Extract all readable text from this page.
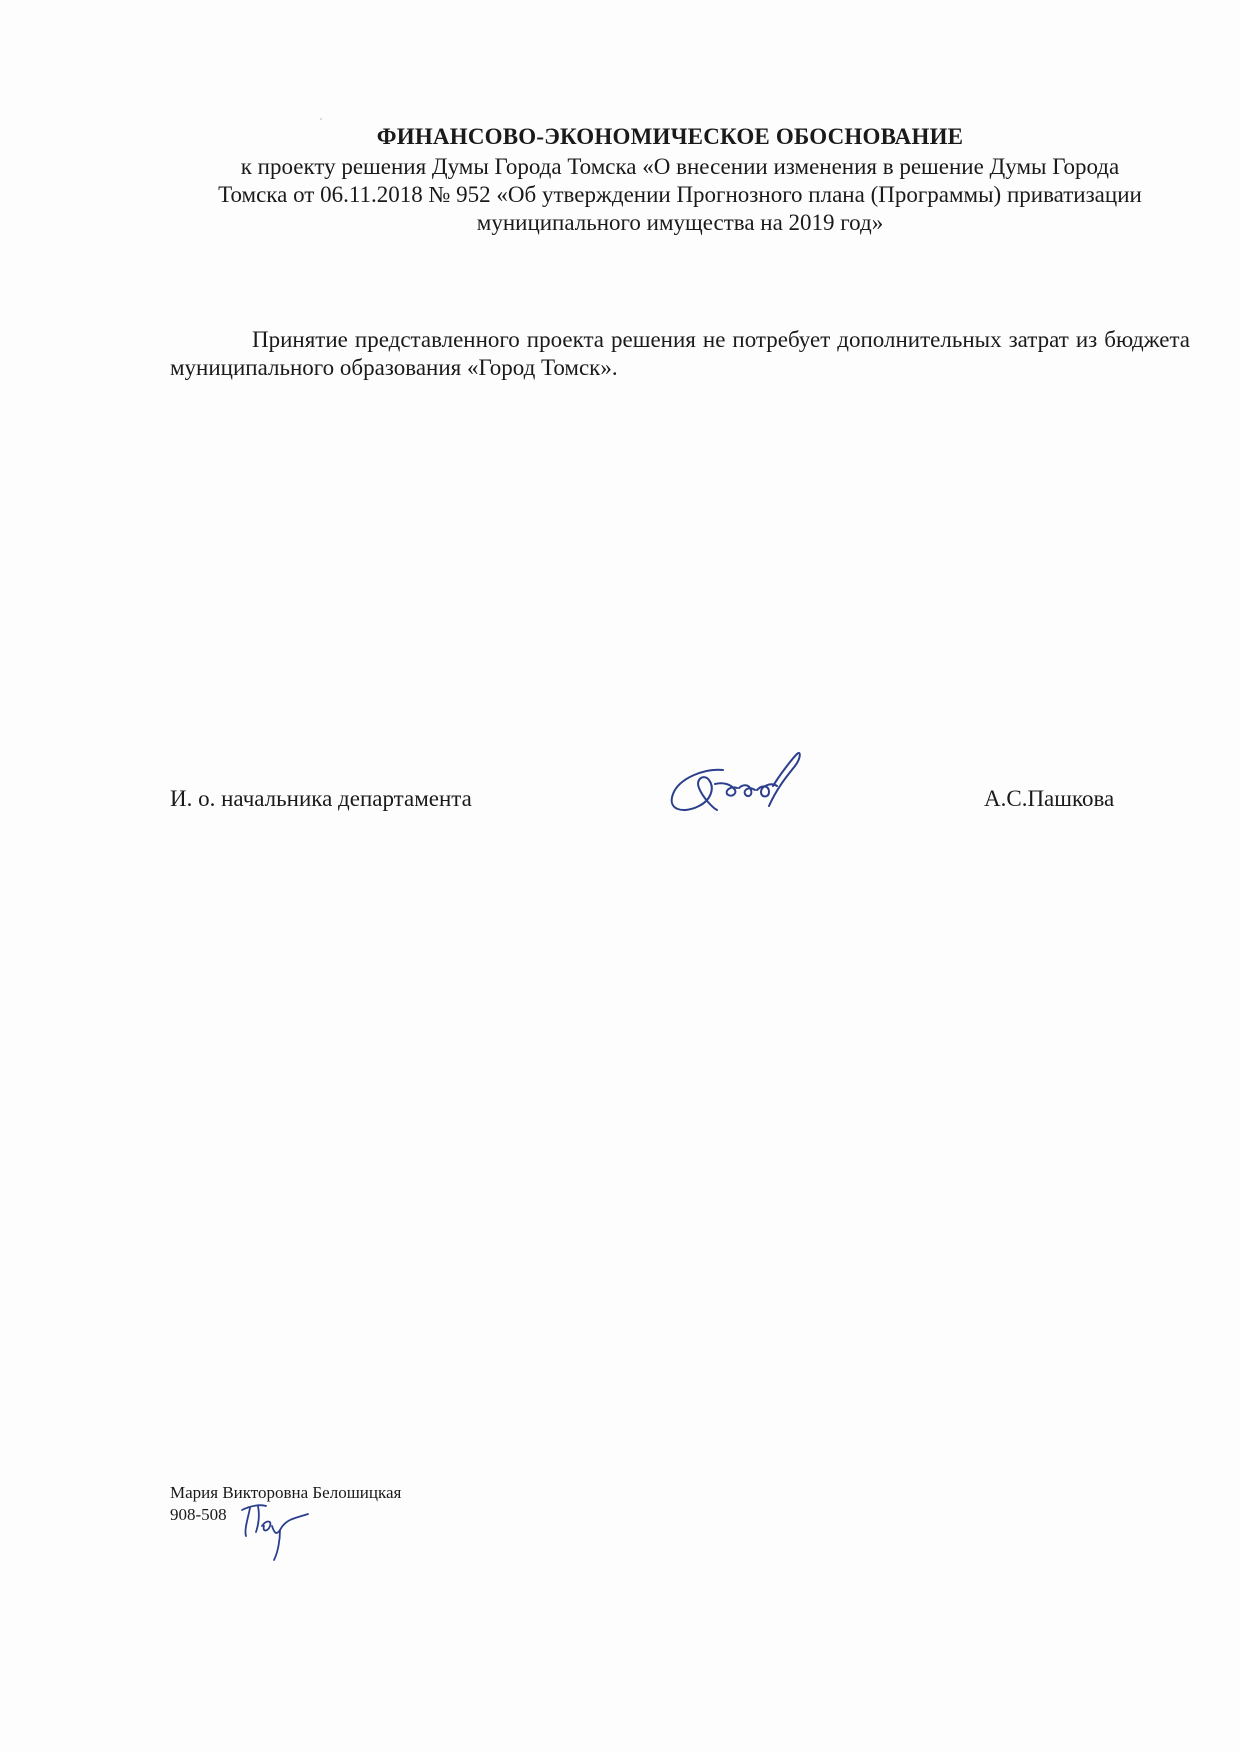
ФИНАНСОВО-ЭКОНОМИЧЕСКОЕ ОБОСНОВАНИЕ
к проекту решения Думы Города Томска «О внесении изменения в решение Думы Города
Томска от 06.11.2018 № 952 «Об утверждении Прогнозного плана (Программы) приватизации
муниципального имущества на 2019 год»
Принятие представленного проекта решения не потребует дополнительных затрат из бюджета муниципального образования «Город Томск».
И. о. начальника департамента	А.С.Пашкова
Мария Викторовна Белошицкая
908-508
